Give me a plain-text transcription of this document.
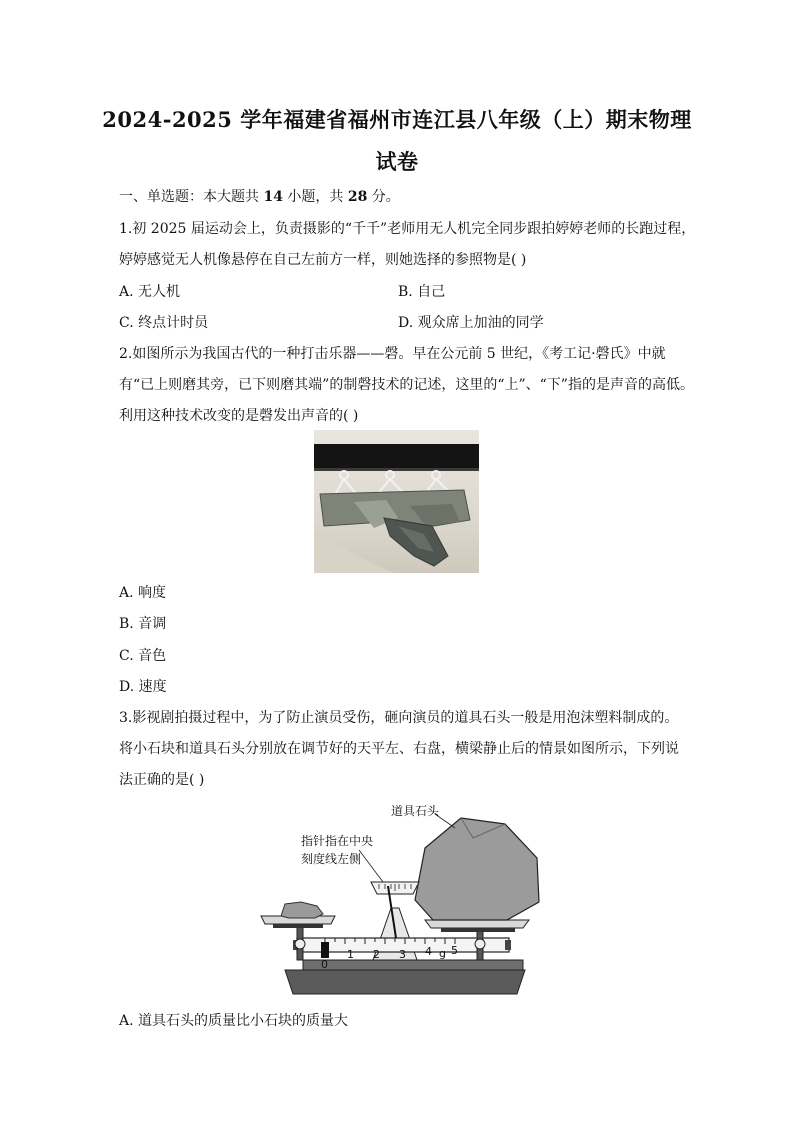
2024-2025 学年福建省福州市连江县八年级（上）期末物理
试卷
一、单选题：本大题共 14 小题，共 28 分。
1.初 2025 届运动会上，负责摄影的“千千”老师用无人机完全同步跟拍婷婷老师的长跑过程，
婷婷感觉无人机像悬停在自己左前方一样，则她选择的参照物是( )
A. 无人机	B. 自己
C. 终点计时员	D. 观众席上加油的同学
2.如图所示为我国古代的一种打击乐器——磬。早在公元前 5 世纪，《考工记·磬氏》中就
有“已上则磨其旁，已下则磨其端”的制磬技术的记述，这里的“上”、“下”指的是声音的高低。
利用这种技术改变的是磬发出声音的( )
A. 响度
B. 音调
C. 音色
D. 速度
3.影视剧拍摄过程中，为了防止演员受伤，砸向演员的道具石头一般是用泡沫塑料制成的。
将小石块和道具石头分别放在调节好的天平左、右盘，横梁静止后的情景如图所示，下列说
法正确的是( )
0
1 2 3 4 g 5
道具石头
指针指在中央
刻度线左侧
A. 道具石头的质量比小石块的质量大
